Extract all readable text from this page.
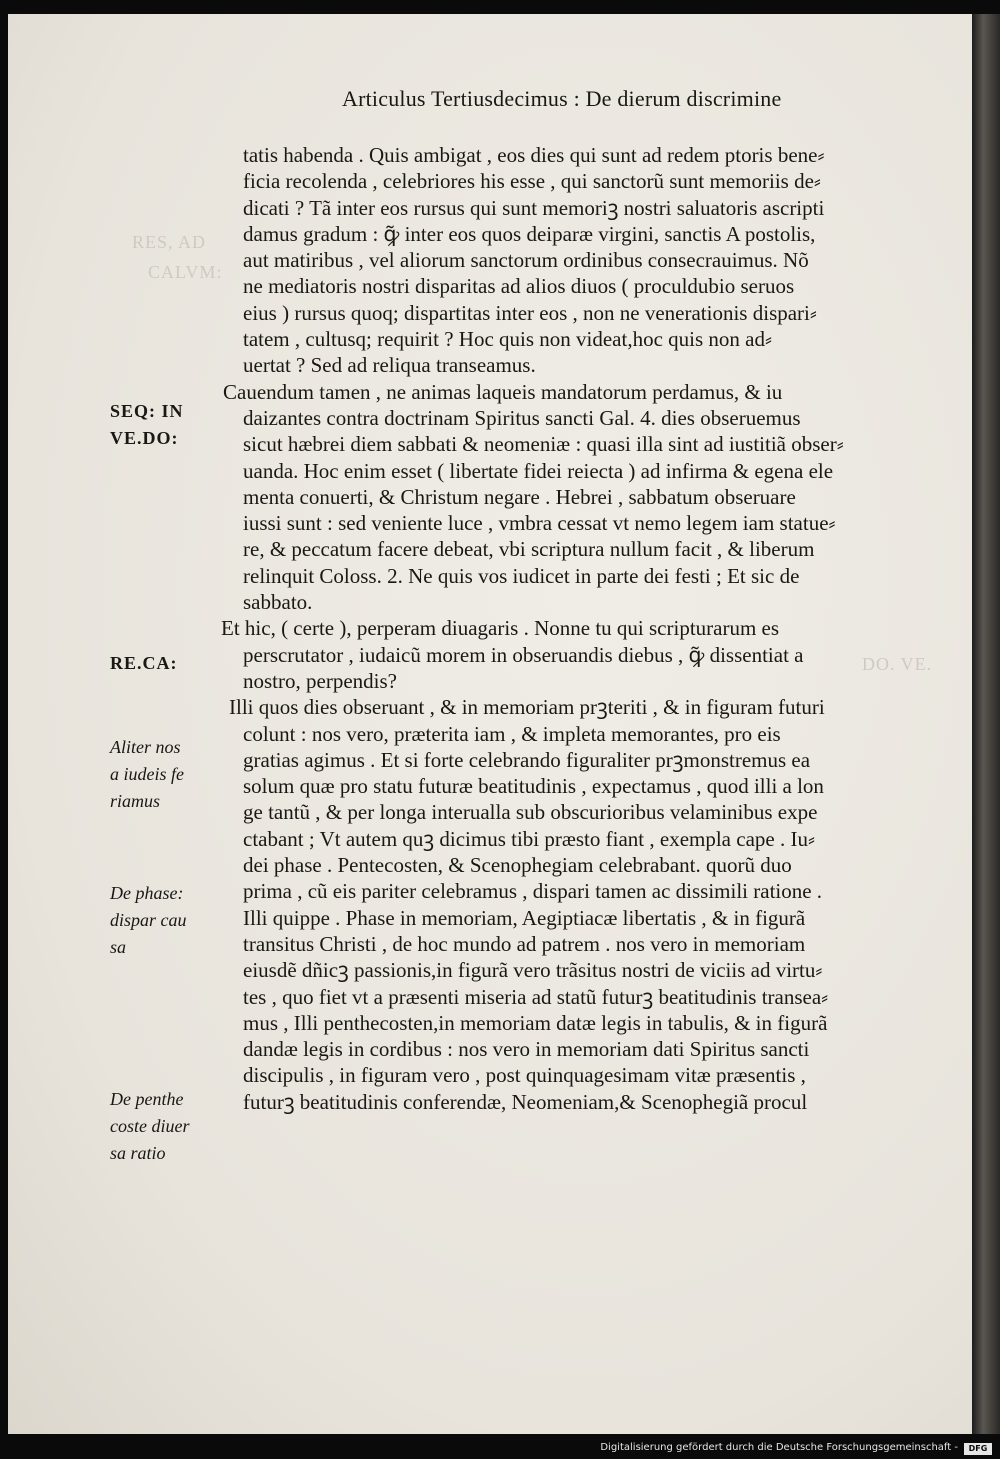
RES, AD
CALVM:
DO. VE.
Articulus Tertiusdecimus : De dierum discrimine
tatis habenda . Quis ambigat , eos dies qui sunt ad redem ptoris bene⸗
ficia recolenda , celebriores his esse , qui sanctorũ sunt memoriis de⸗
dicati ? Tã inter eos rursus qui sunt memoriꝫ nostri saluatoris ascripti
damus gradum : ꝙ̃ inter eos quos deiparæ virgini, sanctis A postolis,
aut matiribus , vel aliorum sanctorum ordinibus consecrauimus. Nõ
ne mediatoris nostri disparitas ad alios diuos ( proculdubio seruos
eius ) rursus quoq; dispartitas inter eos , non ne venerationis dispari⸗
tatem , cultusq; requirit ? Hoc quis non videat,hoc quis non ad⸗
uertat ? Sed ad reliqua transeamus.
Cauendum tamen , ne animas laqueis mandatorum perdamus, & iu
daizantes contra doctrinam Spiritus sancti Gal. 4. dies obseruemus
sicut hæbrei diem sabbati & neomeniæ : quasi illa sint ad iustitiã obser⸗
uanda. Hoc enim esset ( libertate fidei reiecta ) ad infirma & egena ele
menta conuerti, & Christum negare . Hebrei , sabbatum obseruare
iussi sunt : sed veniente luce , vmbra cessat vt nemo legem iam statue⸗
re, & peccatum facere debeat, vbi scriptura nullum facit , & liberum
relinquit Coloss. 2. Ne quis vos iudicet in parte dei festi ; Et sic de
sabbato.
Et hic, ( certe ), perperam diuagaris . Nonne tu qui scripturarum es
perscrutator , iudaicũ morem in obseruandis diebus , ꝙ̃ dissentiat a
nostro, perpendis?
Illi quos dies obseruant , & in memoriam prꝫteriti , & in figuram futuri
colunt : nos vero, præterita iam , & impleta memorantes, pro eis
gratias agimus . Et si forte celebrando figuraliter prꝫmonstremus ea
solum quæ pro statu futuræ beatitudinis , expectamus , quod illi a lon
ge tantũ , & per longa interualla sub obscurioribus velaminibus expe
ctabant ; Vt autem quꝫ dicimus tibi præsto fiant , exempla cape . Iu⸗
dei phase . Pentecosten, & Scenophegiam celebrabant. quorũ duo
prima , cũ eis pariter celebramus , dispari tamen ac dissimili ratione .
Illi quippe . Phase in memoriam, Aegiptiacæ libertatis , & in figurã
transitus Christi , de hoc mundo ad patrem . nos vero in memoriam
eiusdẽ dñicꝫ passionis,in figurã vero trãsitus nostri de viciis ad virtu⸗
tes , quo fiet vt a præsenti miseria ad statũ futurꝫ beatitudinis transea⸗
mus , Illi penthecosten,in memoriam datæ legis in tabulis, & in figurã
dandæ legis in cordibus : nos vero in memoriam dati Spiritus sancti
discipulis , in figuram vero , post quinquagesimam vitæ præsentis ,
futurꝫ beatitudinis conferendæ, Neomeniam,& Scenophegiã procul
SEQ: IN
VE.DO:
RE.CA:
Aliter nos
a iudeis fe
riamus
De phase:
dispar cau
sa
De penthe
coste diuer
sa ratio
Digitalisierung gefördert durch die Deutsche Forschungsgemeinschaft -	DFG
